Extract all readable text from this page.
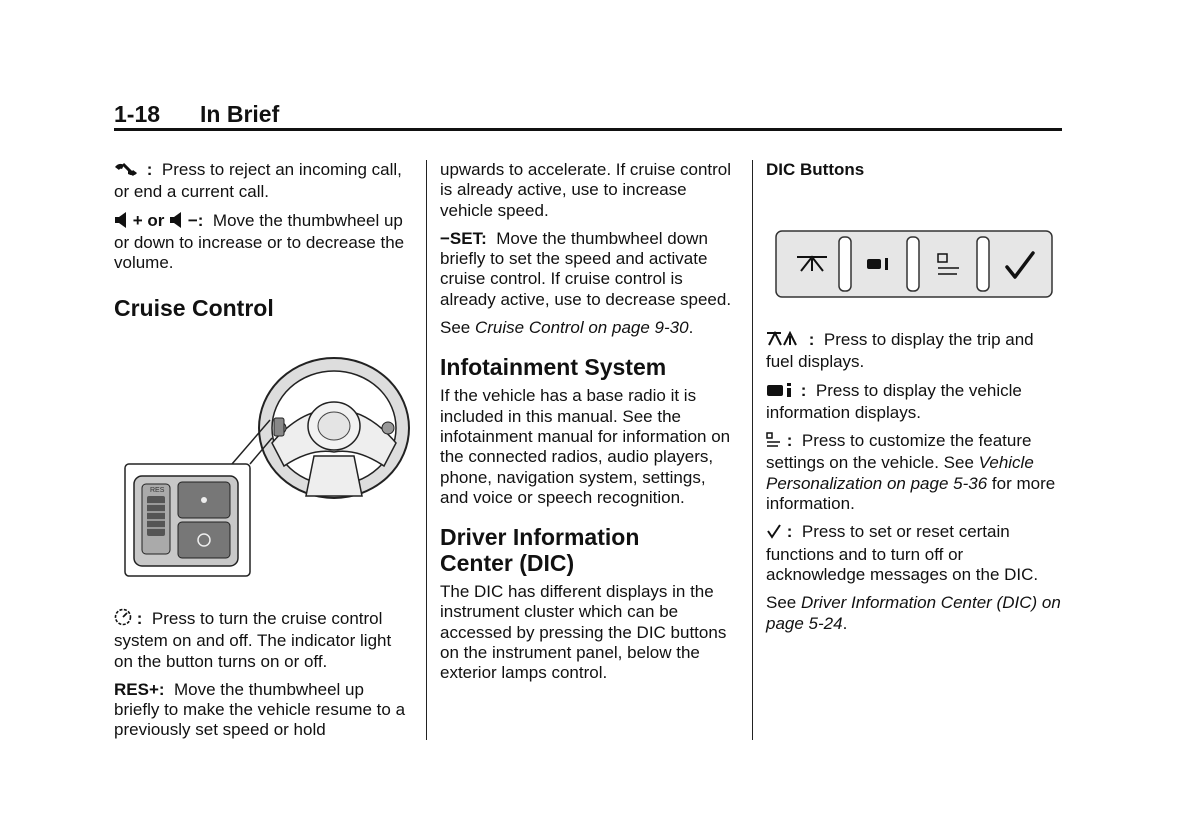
1-18 In Brief

: Press to reject an incoming call, or end a current call.

+ or −: Move the thumbwheel up or down to increase or to decrease the volume.

Cruise Control
RES

: Press to turn the cruise control system on and off. The indicator light on the button turns on or off.

RES+: Move the thumbwheel up briefly to make the vehicle resume to a previously set speed or hold

upwards to accelerate. If cruise control is already active, use to increase vehicle speed.

−SET: Move the thumbwheel down briefly to set the speed and activate cruise control. If cruise control is already active, use to decrease speed.

See Cruise Control on page 9-30.

Infotainment System

If the vehicle has a base radio it is included in this manual. See the infotainment manual for information on the connected radios, audio players, phone, navigation system, settings, and voice or speech recognition.

Driver Information
Center (DIC)

The DIC has different displays in the instrument cluster which can be accessed by pressing the DIC buttons on the instrument panel, below the exterior lamps control.

DIC Buttons

: Press to display the trip and fuel displays.

: Press to display the vehicle information displays.

: Press to customize the feature settings on the vehicle. See Vehicle Personalization on page 5-36 for more information.

: Press to set or reset certain functions and to turn off or acknowledge messages on the DIC.

See Driver Information Center (DIC) on page 5-24.
